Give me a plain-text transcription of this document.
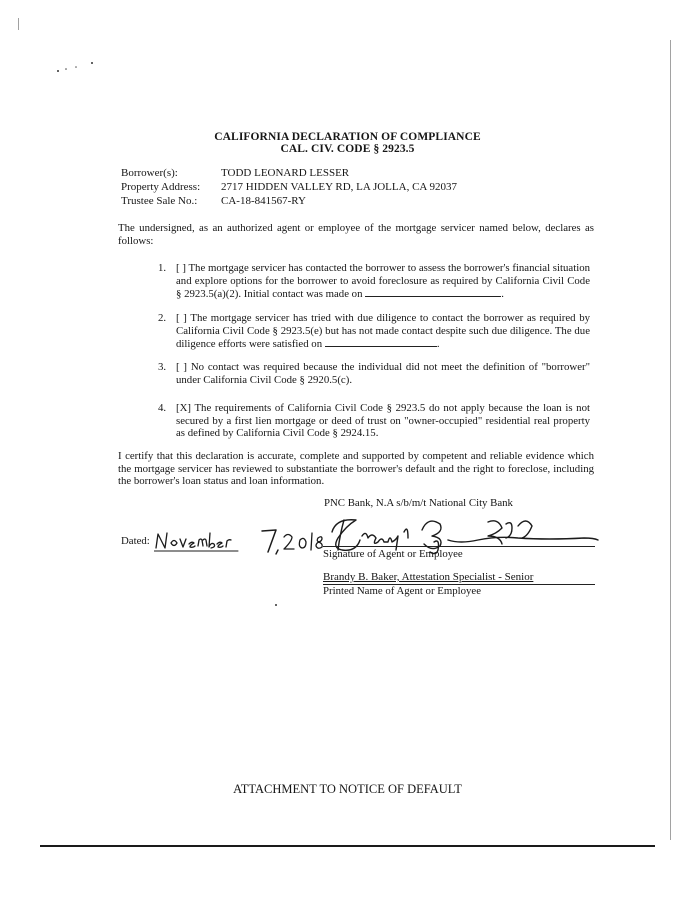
CALIFORNIA DECLARATION OF COMPLIANCE
CAL. CIV. CODE § 2923.5
Borrower(s):	TODD LEONARD LESSER
Property Address:	2717 HIDDEN VALLEY RD, LA JOLLA, CA 92037
Trustee Sale No.:	CA-18-841567-RY
The undersigned, as an authorized agent or employee of the mortgage servicer named below, declares as follows:
1. [ ] The mortgage servicer has contacted the borrower to assess the borrower's financial situation and explore options for the borrower to avoid foreclosure as required by California Civil Code § 2923.5(a)(2). Initial contact was made on	.
2. [ ] The mortgage servicer has tried with due diligence to contact the borrower as required by California Civil Code § 2923.5(e) but has not made contact despite such due diligence. The due diligence efforts were satisfied on	.
3. [ ] No contact was required because the individual did not meet the definition of "borrower" under California Civil Code § 2920.5(c).
4. [X] The requirements of California Civil Code § 2923.5 do not apply because the loan is not secured by a first lien mortgage or deed of trust on "owner-occupied" residential real property as defined by California Civil Code § 2924.15.
I certify that this declaration is accurate, complete and supported by competent and reliable evidence which the mortgage servicer has reviewed to substantiate the borrower's default and the right to foreclose, including the borrower's loan status and loan information.
PNC Bank, N.A s/b/m/t National City Bank
Dated:
Signature of Agent or Employee
Brandy B. Baker, Attestation Specialist - Senior
Printed Name of Agent or Employee
ATTACHMENT TO NOTICE OF DEFAULT
